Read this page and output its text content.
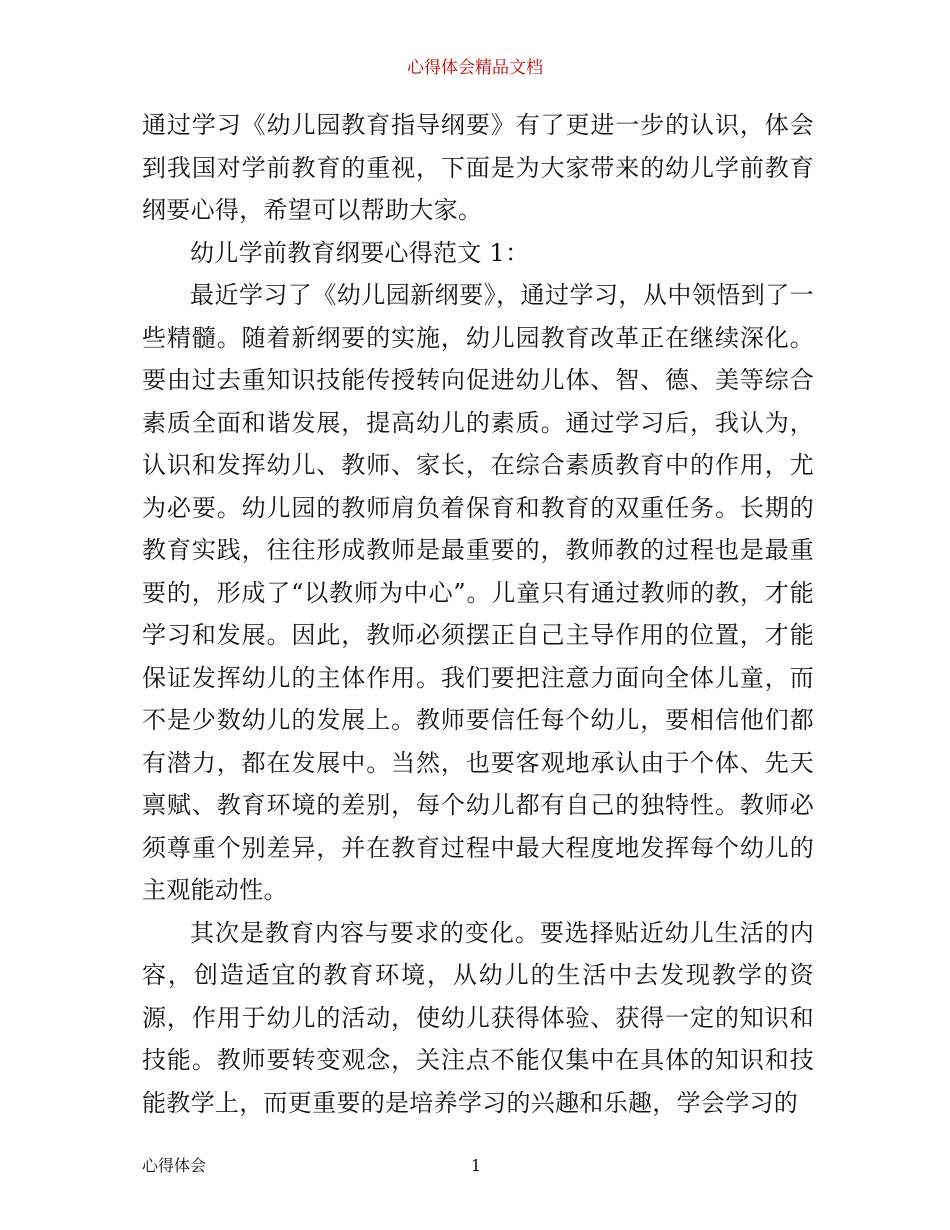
心得体会精品文档

通过学习《幼儿园教育指导纲要》有了更进一步的认识，体会到我国对学前教育的重视，下面是为大家带来的幼儿学前教育纲要心得，希望可以帮助大家。

幼儿学前教育纲要心得范文 1：

最近学习了《幼儿园新纲要》，通过学习，从中领悟到了一些精髓。随着新纲要的实施，幼儿园教育改革正在继续深化。要由过去重知识技能传授转向促进幼儿体、智、德、美等综合素质全面和谐发展，提高幼儿的素质。通过学习后，我认为，认识和发挥幼儿、教师、家长，在综合素质教育中的作用，尤为必要。幼儿园的教师肩负着保育和教育的双重任务。长期的教育实践，往往形成教师是最重要的，教师教的过程也是最重要的，形成了“以教师为中心”。儿童只有通过教师的教，才能学习和发展。因此，教师必须摆正自己主导作用的位置，才能保证发挥幼儿的主体作用。我们要把注意力面向全体儿童，而不是少数幼儿的发展上。教师要信任每个幼儿，要相信他们都有潜力，都在发展中。当然，也要客观地承认由于个体、先天禀赋、教育环境的差别，每个幼儿都有自己的独特性。教师必须尊重个别差异，并在教育过程中最大程度地发挥每个幼儿的主观能动性。

其次是教育内容与要求的变化。要选择贴近幼儿生活的内容，创造适宜的教育环境，从幼儿的生活中去发现教学的资源，作用于幼儿的活动，使幼儿获得体验、获得一定的知识和技能。教师要转变观念，关注点不能仅集中在具体的知识和技能教学上，而更重要的是培养学习的兴趣和乐趣，学会学习的

心得体会	1
